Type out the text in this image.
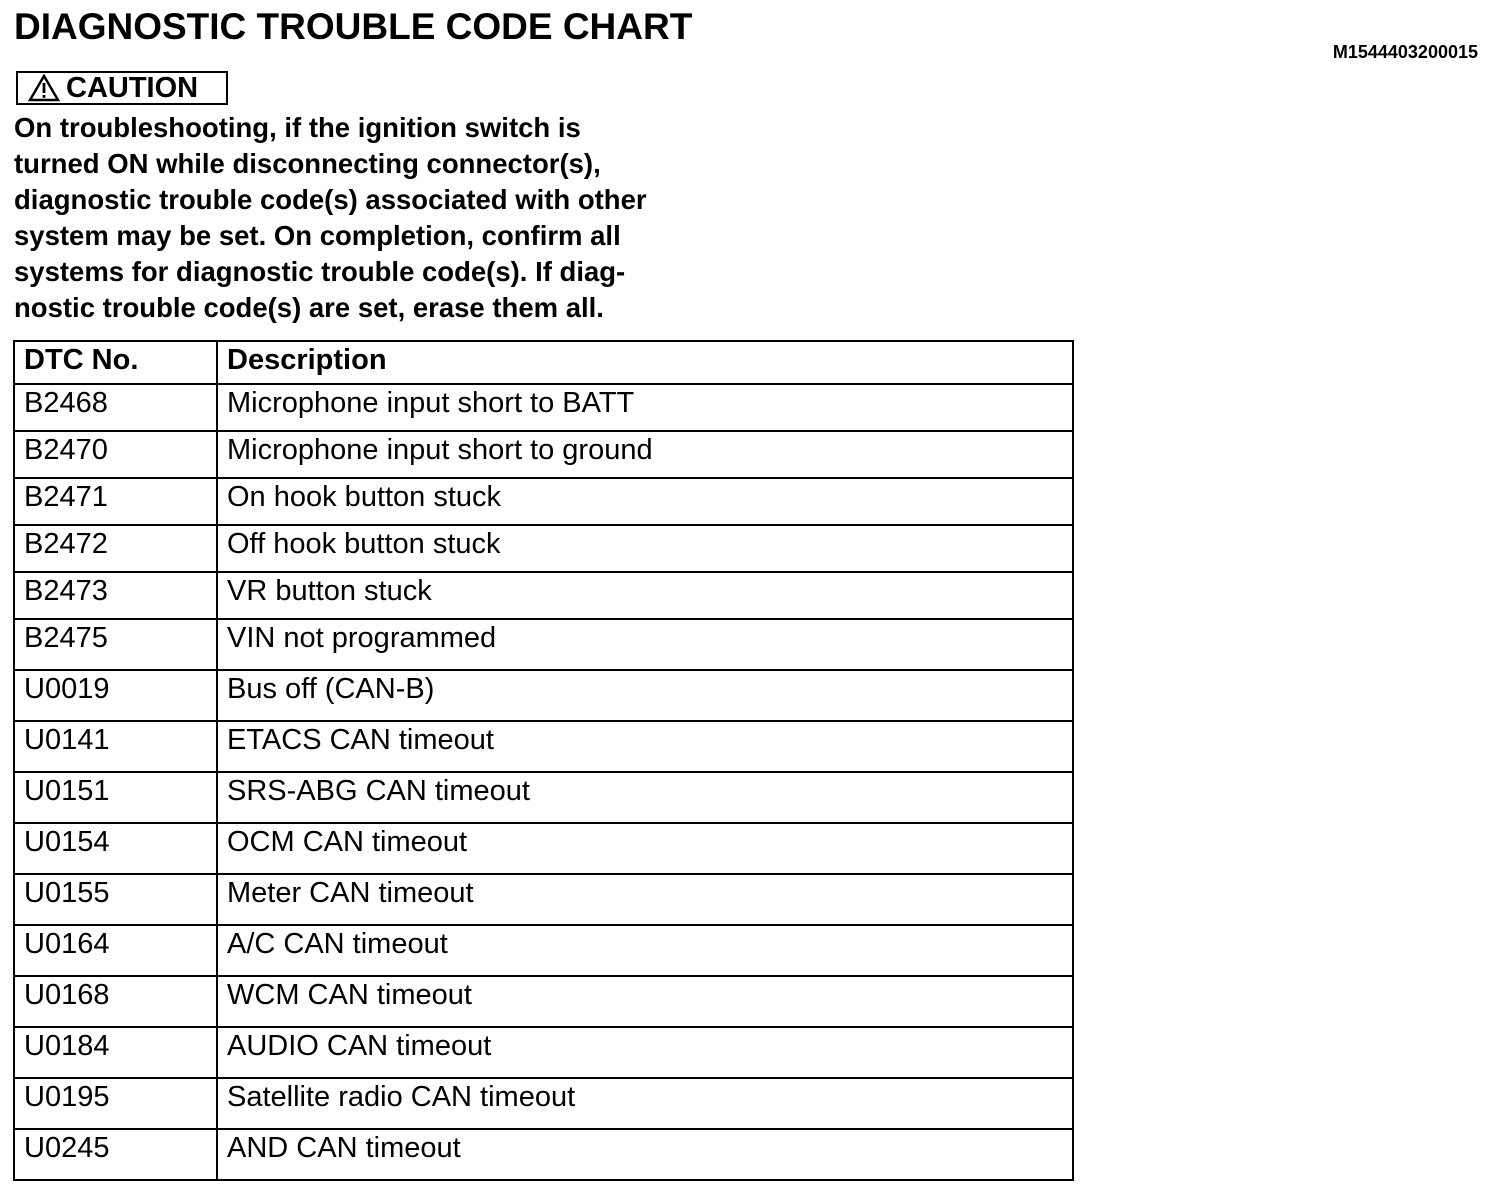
DIAGNOSTIC TROUBLE CODE CHART
M1544403200015
CAUTION
On troubleshooting, if the ignition switch is
turned ON while disconnecting connector(s),
diagnostic trouble code(s) associated with other
system may be set. On completion, confirm all
systems for diagnostic trouble code(s). If diag-
nostic trouble code(s) are set, erase them all.
DTC No.	Description
B2468	Microphone input short to BATT
B2470	Microphone input short to ground
B2471	On hook button stuck
B2472	Off hook button stuck
B2473	VR button stuck
B2475	VIN not programmed
U0019	Bus off (CAN-B)
U0141	ETACS CAN timeout
U0151	SRS-ABG CAN timeout
U0154	OCM CAN timeout
U0155	Meter CAN timeout
U0164	A/C CAN timeout
U0168	WCM CAN timeout
U0184	AUDIO CAN timeout
U0195	Satellite radio CAN timeout
U0245	AND CAN timeout
